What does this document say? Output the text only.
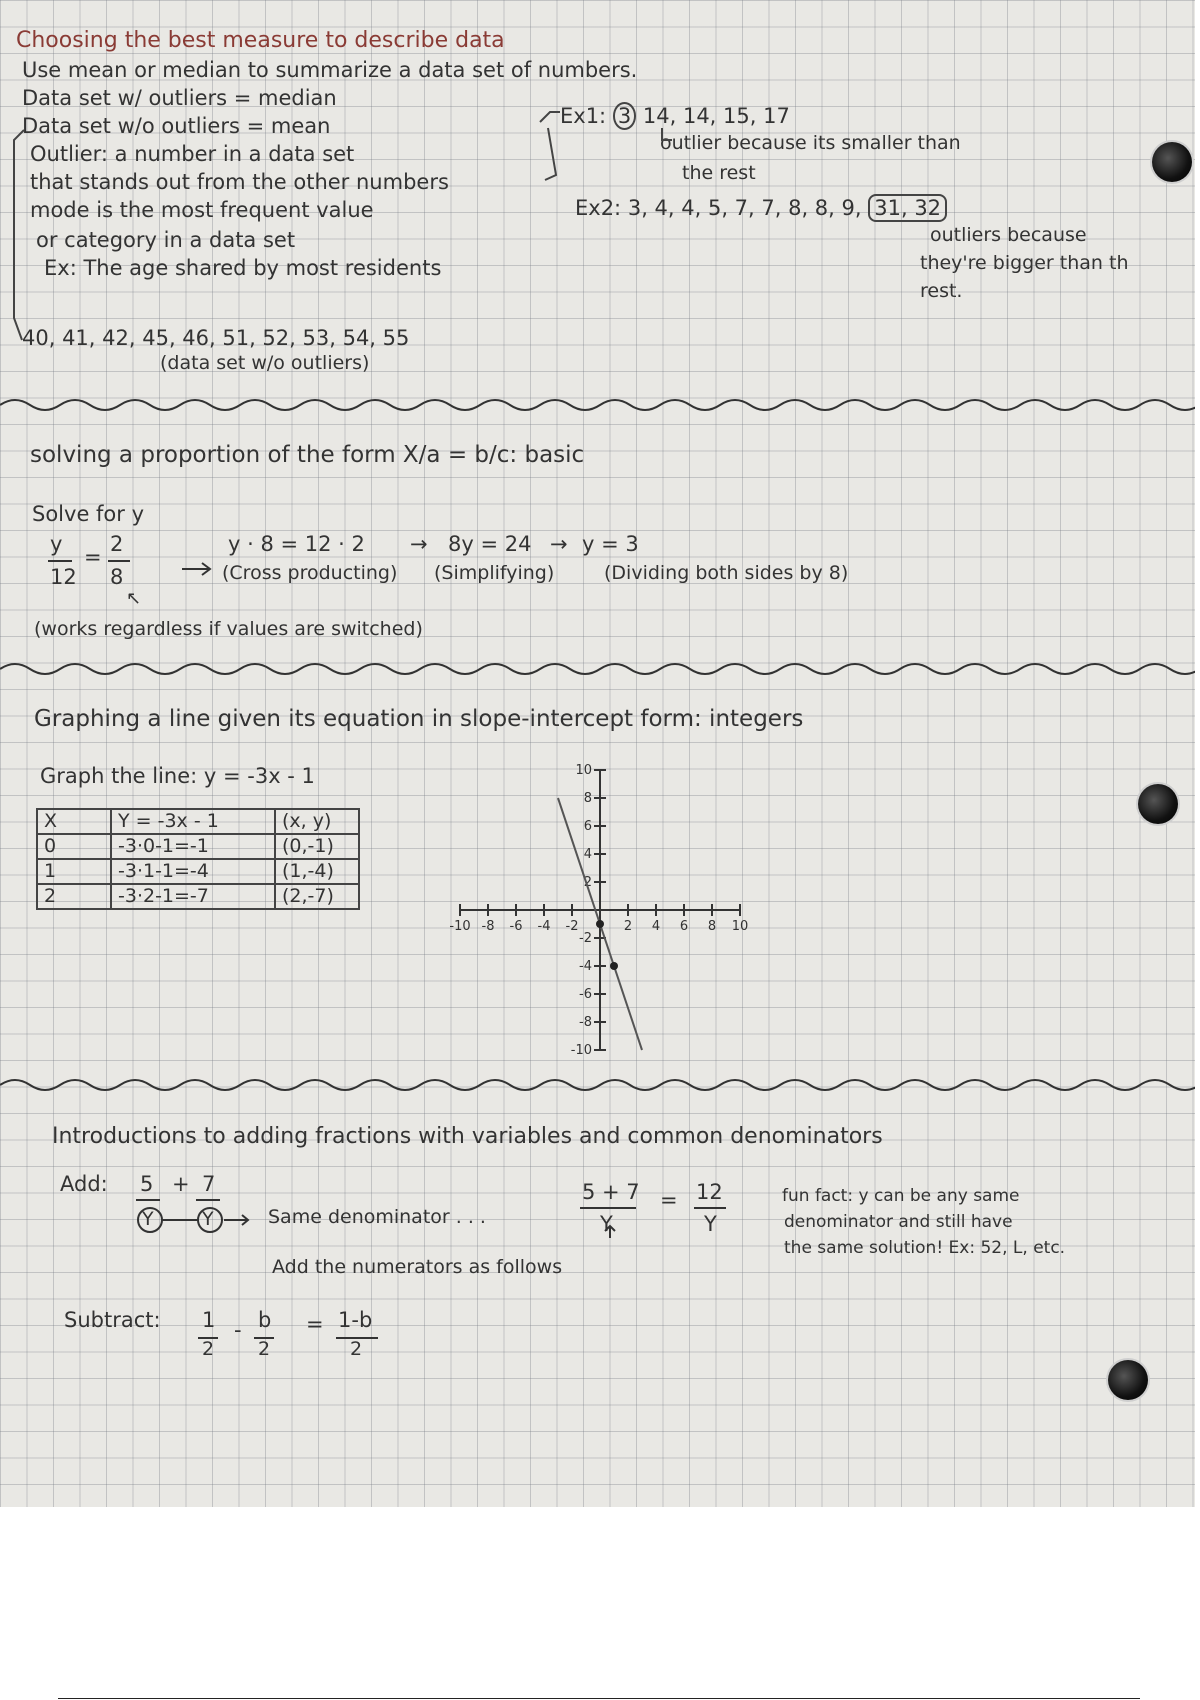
Choosing the best measure to describe data
Use mean or median to summarize a data set of numbers.
Data set w/ outliers = median
Data set w/o outliers = mean
Outlier: a number in a data set
that stands out from the other numbers
mode is the most frequent value
or category in a data set
Ex: The age shared by most residents
40, 41, 42, 45, 46, 51, 52, 53, 54, 55
(data set w/o outliers)
Ex1: 3 14, 14, 15, 17
outlier because its smaller than
the rest
Ex2: 3, 4, 4, 5, 7, 7, 8, 8, 9, 31, 32
outliers because
they're bigger than th
rest.
solving a proportion of the form X/a = b/c: basic
Solve for y
y
12
=
2
8
y · 8 = 12 · 2 → 8y = 24 → y = 3
(Cross producting) (Simplifying)	(Dividing both sides by 8)
↖
(works regardless if values are switched)
Graphing a line given its equation in slope-intercept form: integers
Graph the line: y = -3x - 1
X	Y = -3x - 1	(x, y)
0	-3·0-1=-1	(0,-1)
1	-3·1-1=-4	(1,-4)
2	-3·2-1=-7	(2,-7)
-10 -8 -6 -4 -2	2 4 6 8 10
10
8
6
4
2
-2
-4
-6
-8
-10
Introductions to adding fractions with variables and common denominators
Add: 5 + 7
Y	Y	Same denominator . . .
5 + 7
Y
= 12
Y
Add the numerators as follows
fun fact: y can be any same
denominator and still have
the same solution! Ex: 52, L, etc.
Subtract: 1
2
- b
2
= 1-b
2
